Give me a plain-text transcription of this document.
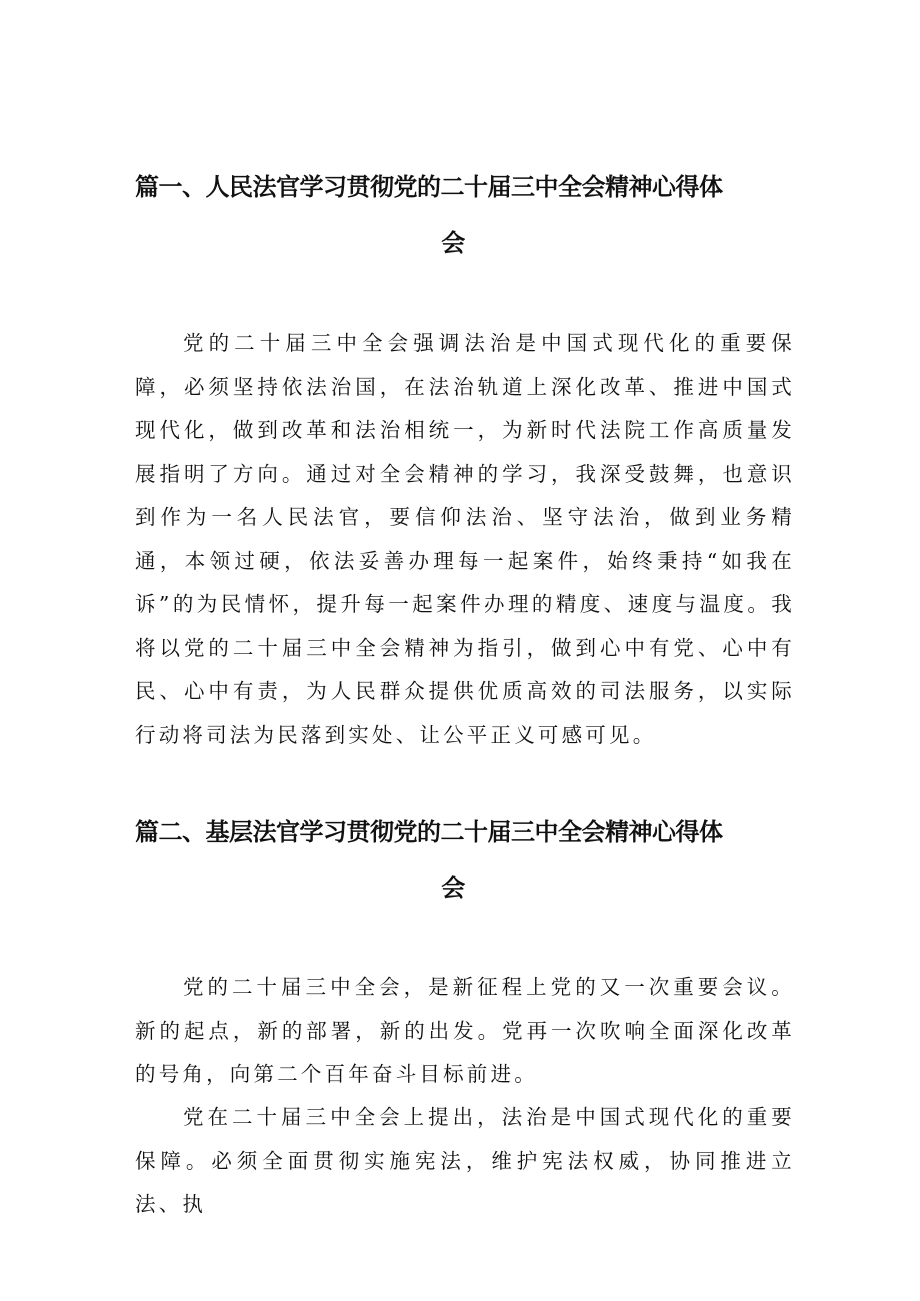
篇一、人民法官学习贯彻党的二十届三中全会精神心得体
会

党的二十届三中全会强调法治是中国式现代化的重要保障，必须坚持依法治国，在法治轨道上深化改革、推进中国式现代化，做到改革和法治相统一，为新时代法院工作高质量发展指明了方向。通过对全会精神的学习，我深受鼓舞，也意识到作为一名人民法官，要信仰法治、坚守法治，做到业务精通，本领过硬，依法妥善办理每一起案件，始终秉持“如我在诉”的为民情怀，提升每一起案件办理的精度、速度与温度。我将以党的二十届三中全会精神为指引，做到心中有党、心中有民、心中有责，为人民群众提供优质高效的司法服务，以实际行动将司法为民落到实处、让公平正义可感可见。

篇二、基层法官学习贯彻党的二十届三中全会精神心得体
会

党的二十届三中全会，是新征程上党的又一次重要会议。新的起点，新的部署，新的出发。党再一次吹响全面深化改革的号角，向第二个百年奋斗目标前进。

党在二十届三中全会上提出，法治是中国式现代化的重要保障。必须全面贯彻实施宪法，维护宪法权威，协同推进立法、执
